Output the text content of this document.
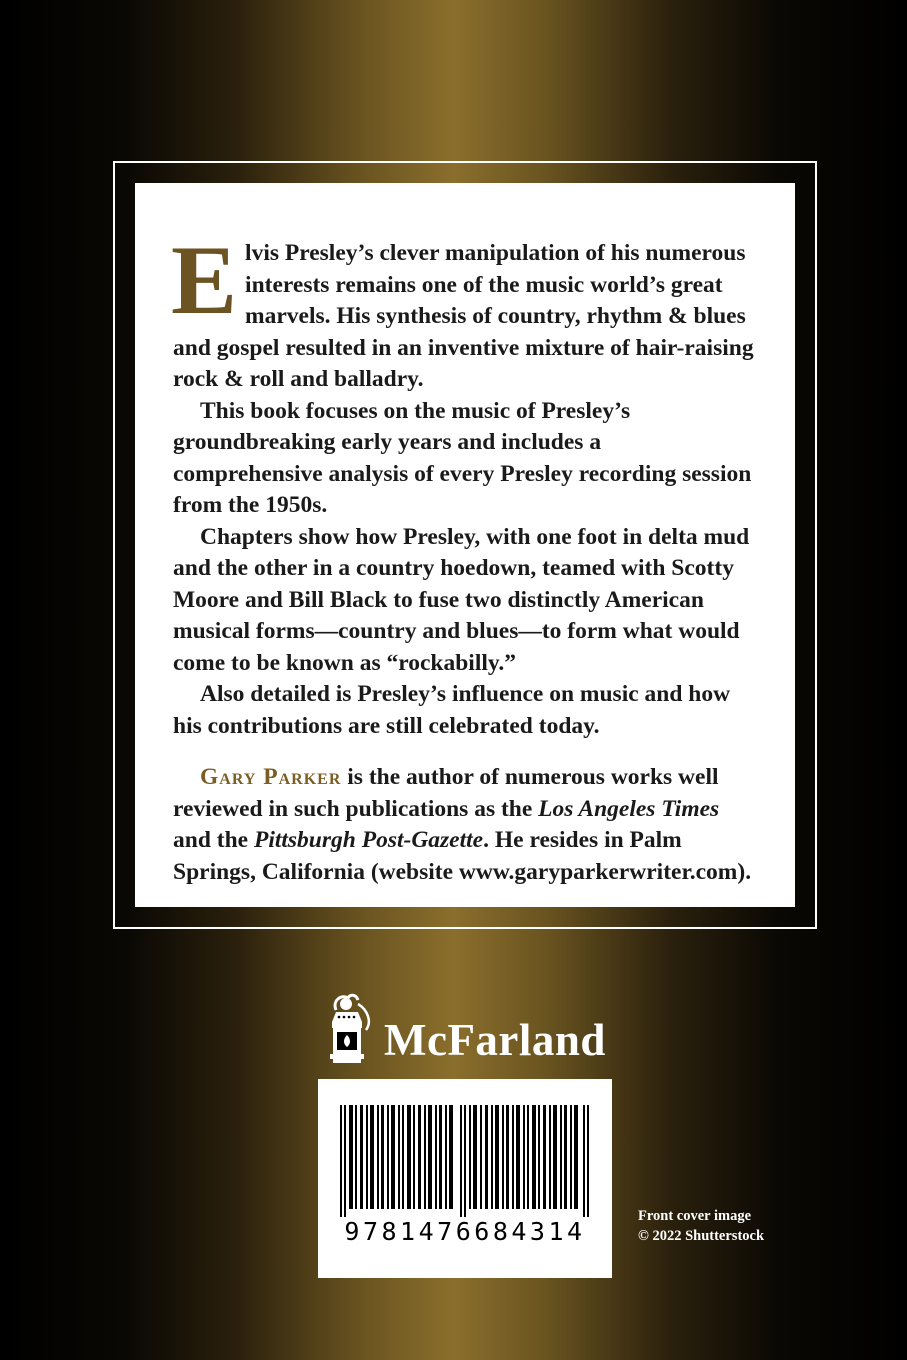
Elvis Presley’s clever manipulation of his numerous interests remains one of the music world’s great marvels. His synthesis of country, rhythm & blues and gospel resulted in an inventive mixture of hair-raising rock & roll and balladry.

This book focuses on the music of Presley’s groundbreaking early years and includes a comprehensive analysis of every Presley recording session from the 1950s.

Chapters show how Presley, with one foot in delta mud and the other in a country hoedown, teamed with Scotty Moore and Bill Black to fuse two distinctly American musical forms—country and blues—to form what would come to be known as “rockabilly.”

Also detailed is Presley’s influence on music and how his contributions are still celebrated today.

Gary Parker is the author of numerous works well reviewed in such publications as the Los Angeles Times and the Pittsburgh Post-Gazette. He resides in Palm Springs, California (website www.garyparkerwriter.com).

McFarland
9781476684314
Front cover image
© 2022 Shutterstock
